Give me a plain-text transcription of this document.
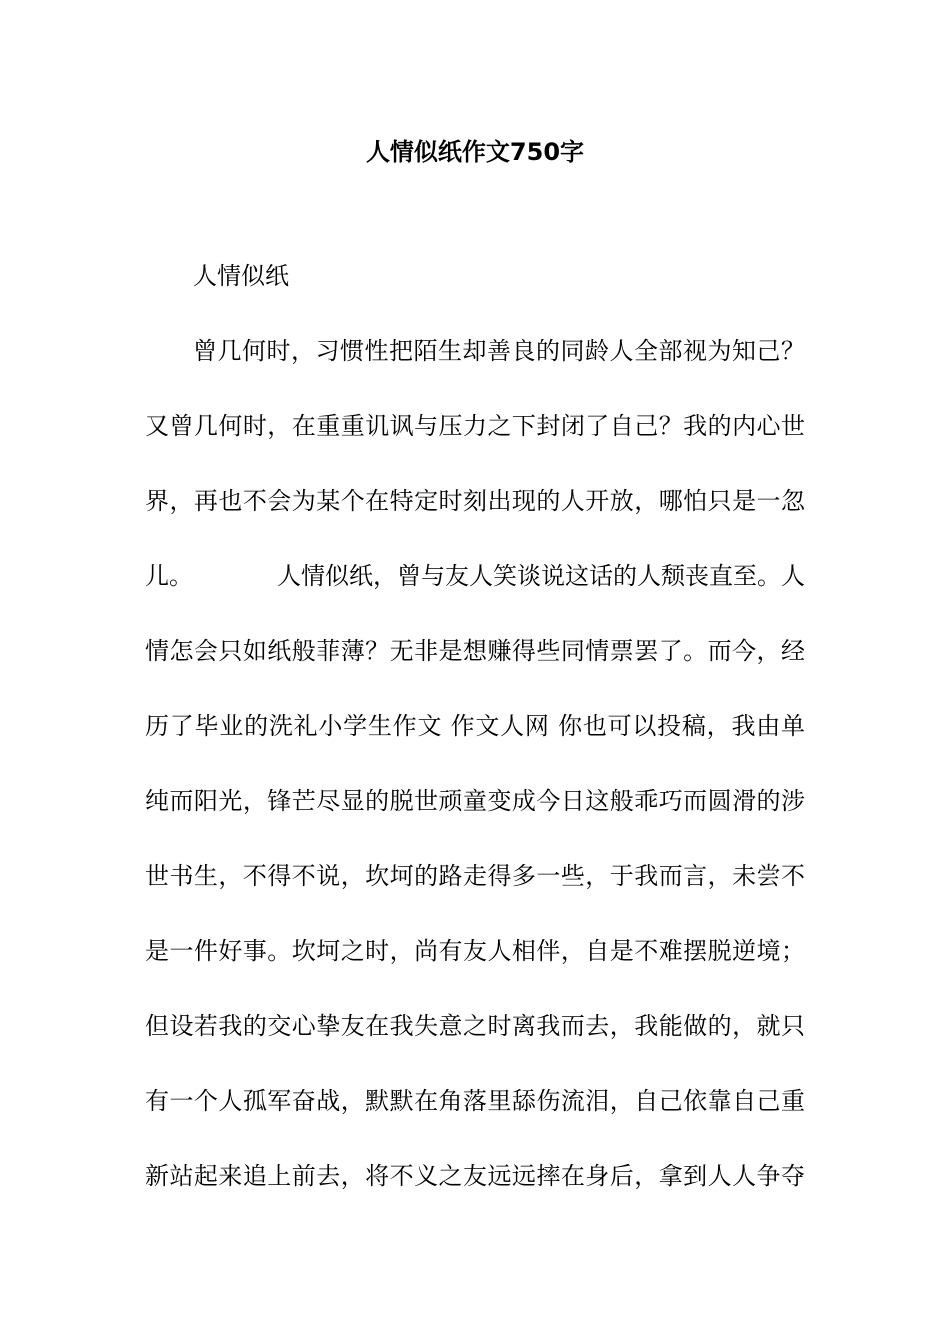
人情似纸作文750字
人情似纸
曾几何时，习惯性把陌生却善良的同龄人全部视为知己？
又曾几何时，在重重讥讽与压力之下封闭了自己？我的内心世
界，再也不会为某个在特定时刻出现的人开放，哪怕只是一忽
儿。	人情似纸，曾与友人笑谈说这话的人颓丧直至。人
情怎会只如纸般菲薄？无非是想赚得些同情票罢了。而今，经
历了毕业的洗礼小学生作文 作文人网 你也可以投稿，我由单
纯而阳光，锋芒尽显的脱世顽童变成今日这般乖巧而圆滑的涉
世书生，不得不说，坎坷的路走得多一些，于我而言，未尝不
是一件好事。坎坷之时，尚有友人相伴，自是不难摆脱逆境；
但设若我的交心挚友在我失意之时离我而去，我能做的，就只
有一个人孤军奋战，默默在角落里舔伤流泪，自己依靠自己重
新站起来追上前去，将不义之友远远摔在身后，拿到人人争夺
